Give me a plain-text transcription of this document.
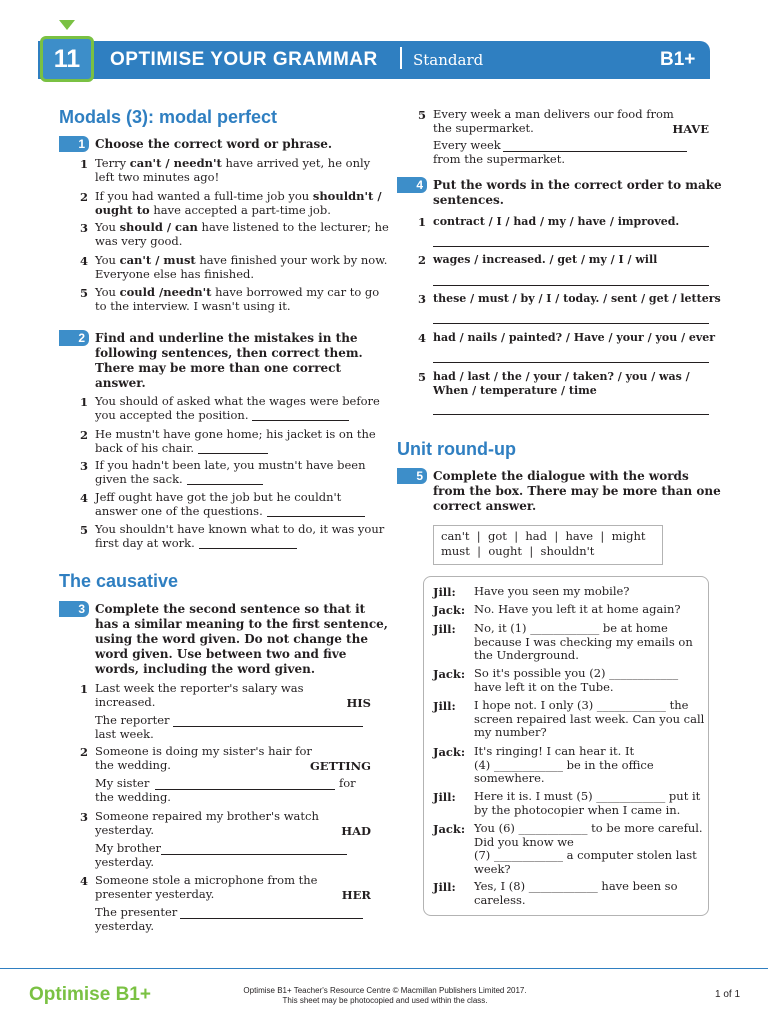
11	OPTIMISE YOUR GRAMMAR Standard	B1+
Modals (3): modal perfect
1 Choose the correct word or phrase.
1 Terry can't / needn't have arrived yet, he only
left two minutes ago!
2 If you had wanted a full-time job you shouldn't /
ought to have accepted a part-time job.
3 You should / can have listened to the lecturer; he
was very good.
4 You can't / must have finished your work by now.
Everyone else has finished.
5 You could /needn't have borrowed my car to go
to the interview. I wasn't using it.
2 Find and underline the mistakes in the
following sentences, then correct them.
There may be more than one correct
answer.
1 You should of asked what the wages were before
you accepted the position.
2 He mustn't have gone home; his jacket is on the
back of his chair.
3 If you hadn't been late, you mustn't have been
given the sack.
4 Jeff ought have got the job but he couldn't
answer one of the questions.
5 You shouldn't have known what to do, it was your
first day at work.
The causative
3 Complete the second sentence so that it
has a similar meaning to the first sentence,
using the word given. Do not change the
word given. Use between two and five
words, including the word given.
1 Last week the reporter's salary was
increased.	HIS
The reporter
last week.
2 Someone is doing my sister's hair for
the wedding.	GETTING
My sister	for
the wedding.
3 Someone repaired my brother's watch
yesterday.	HAD
My brother
yesterday.
4 Someone stole a microphone from the
presenter yesterday.	HER
The presenter
yesterday.
5 Every week a man delivers our food from
the supermarket.	HAVE
Every week
from the supermarket.
4 Put the words in the correct order to make
sentences.
1 contract / I / had / my / have / improved.
2 wages / increased. / get / my / I / will
3 these / must / by / I / today. / sent / get / letters
4 had / nails / painted? / Have / your / you / ever
5 had / last / the / your / taken? / you / was /
When / temperature / time
Unit round-up
5 Complete the dialogue with the words
from the box. There may be more than one
correct answer.
can't  |  got  |  had  |  have  |  might
must  |  ought  |  shouldn't
Jill: Have you seen my mobile?
Jack: No. Have you left it at home again?
Jill: No, it (1) ____________ be at home
because I was checking my emails on
the Underground.
Jack: So it's possible you (2) ____________
have left it on the Tube.
Jill: I hope not. I only (3) ____________ the
screen repaired last week. Can you call
my number?
Jack: It's ringing! I can hear it. It
(4) ____________ be in the office
somewhere.
Jill: Here it is. I must (5) ____________ put it
by the photocopier when I came in.
Jack: You (6) ____________ to be more careful.
Did you know we
(7) ____________ a computer stolen last
week?
Jill: Yes, I (8) ____________ have been so
careless.
Optimise B1+	Optimise B1+ Teacher's Resource Centre © Macmillan Publishers Limited 2017.
This sheet may be photocopied and used within the class.
1 of 1
